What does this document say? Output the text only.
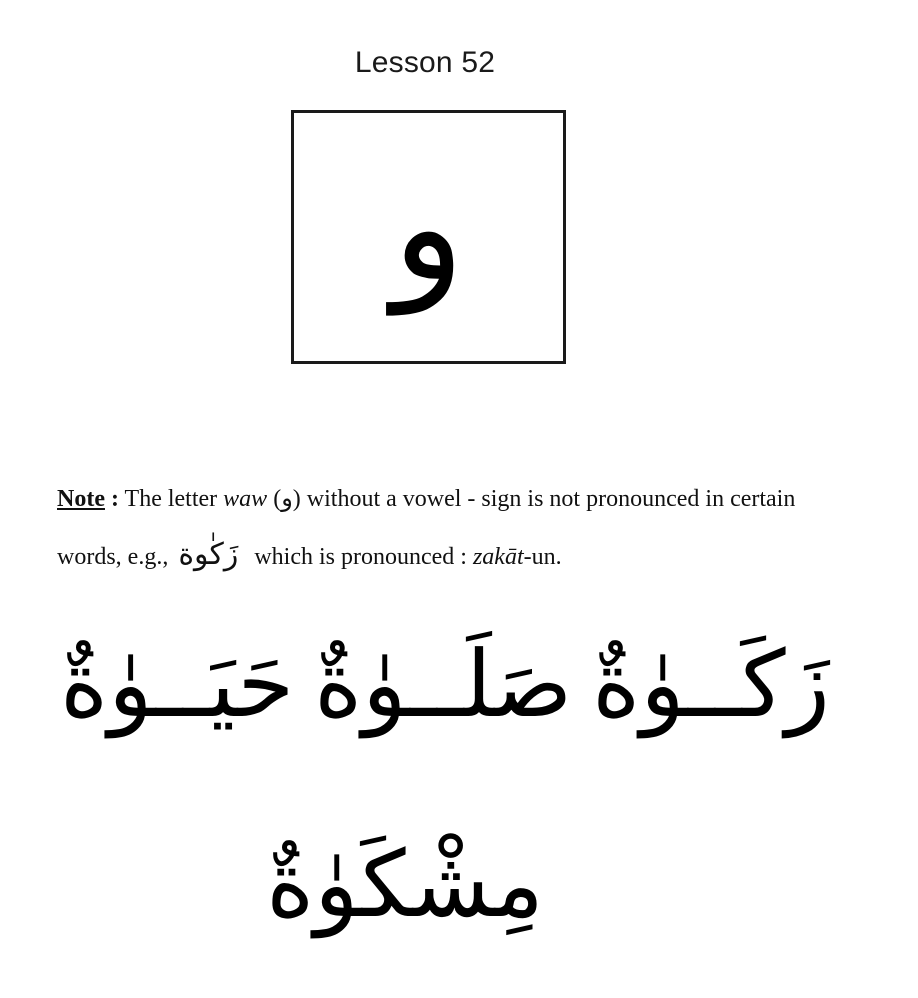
Lesson 52
و
Note : The letter waw (و) without a vowel - sign is not pronounced in certain words, e.g., زَكٰوة which is pronounced : zakāt-un.
زَكَــوٰةٌ
صَلَــوٰةٌ
حَيَــوٰةٌ
مِشْكَوٰةٌ
